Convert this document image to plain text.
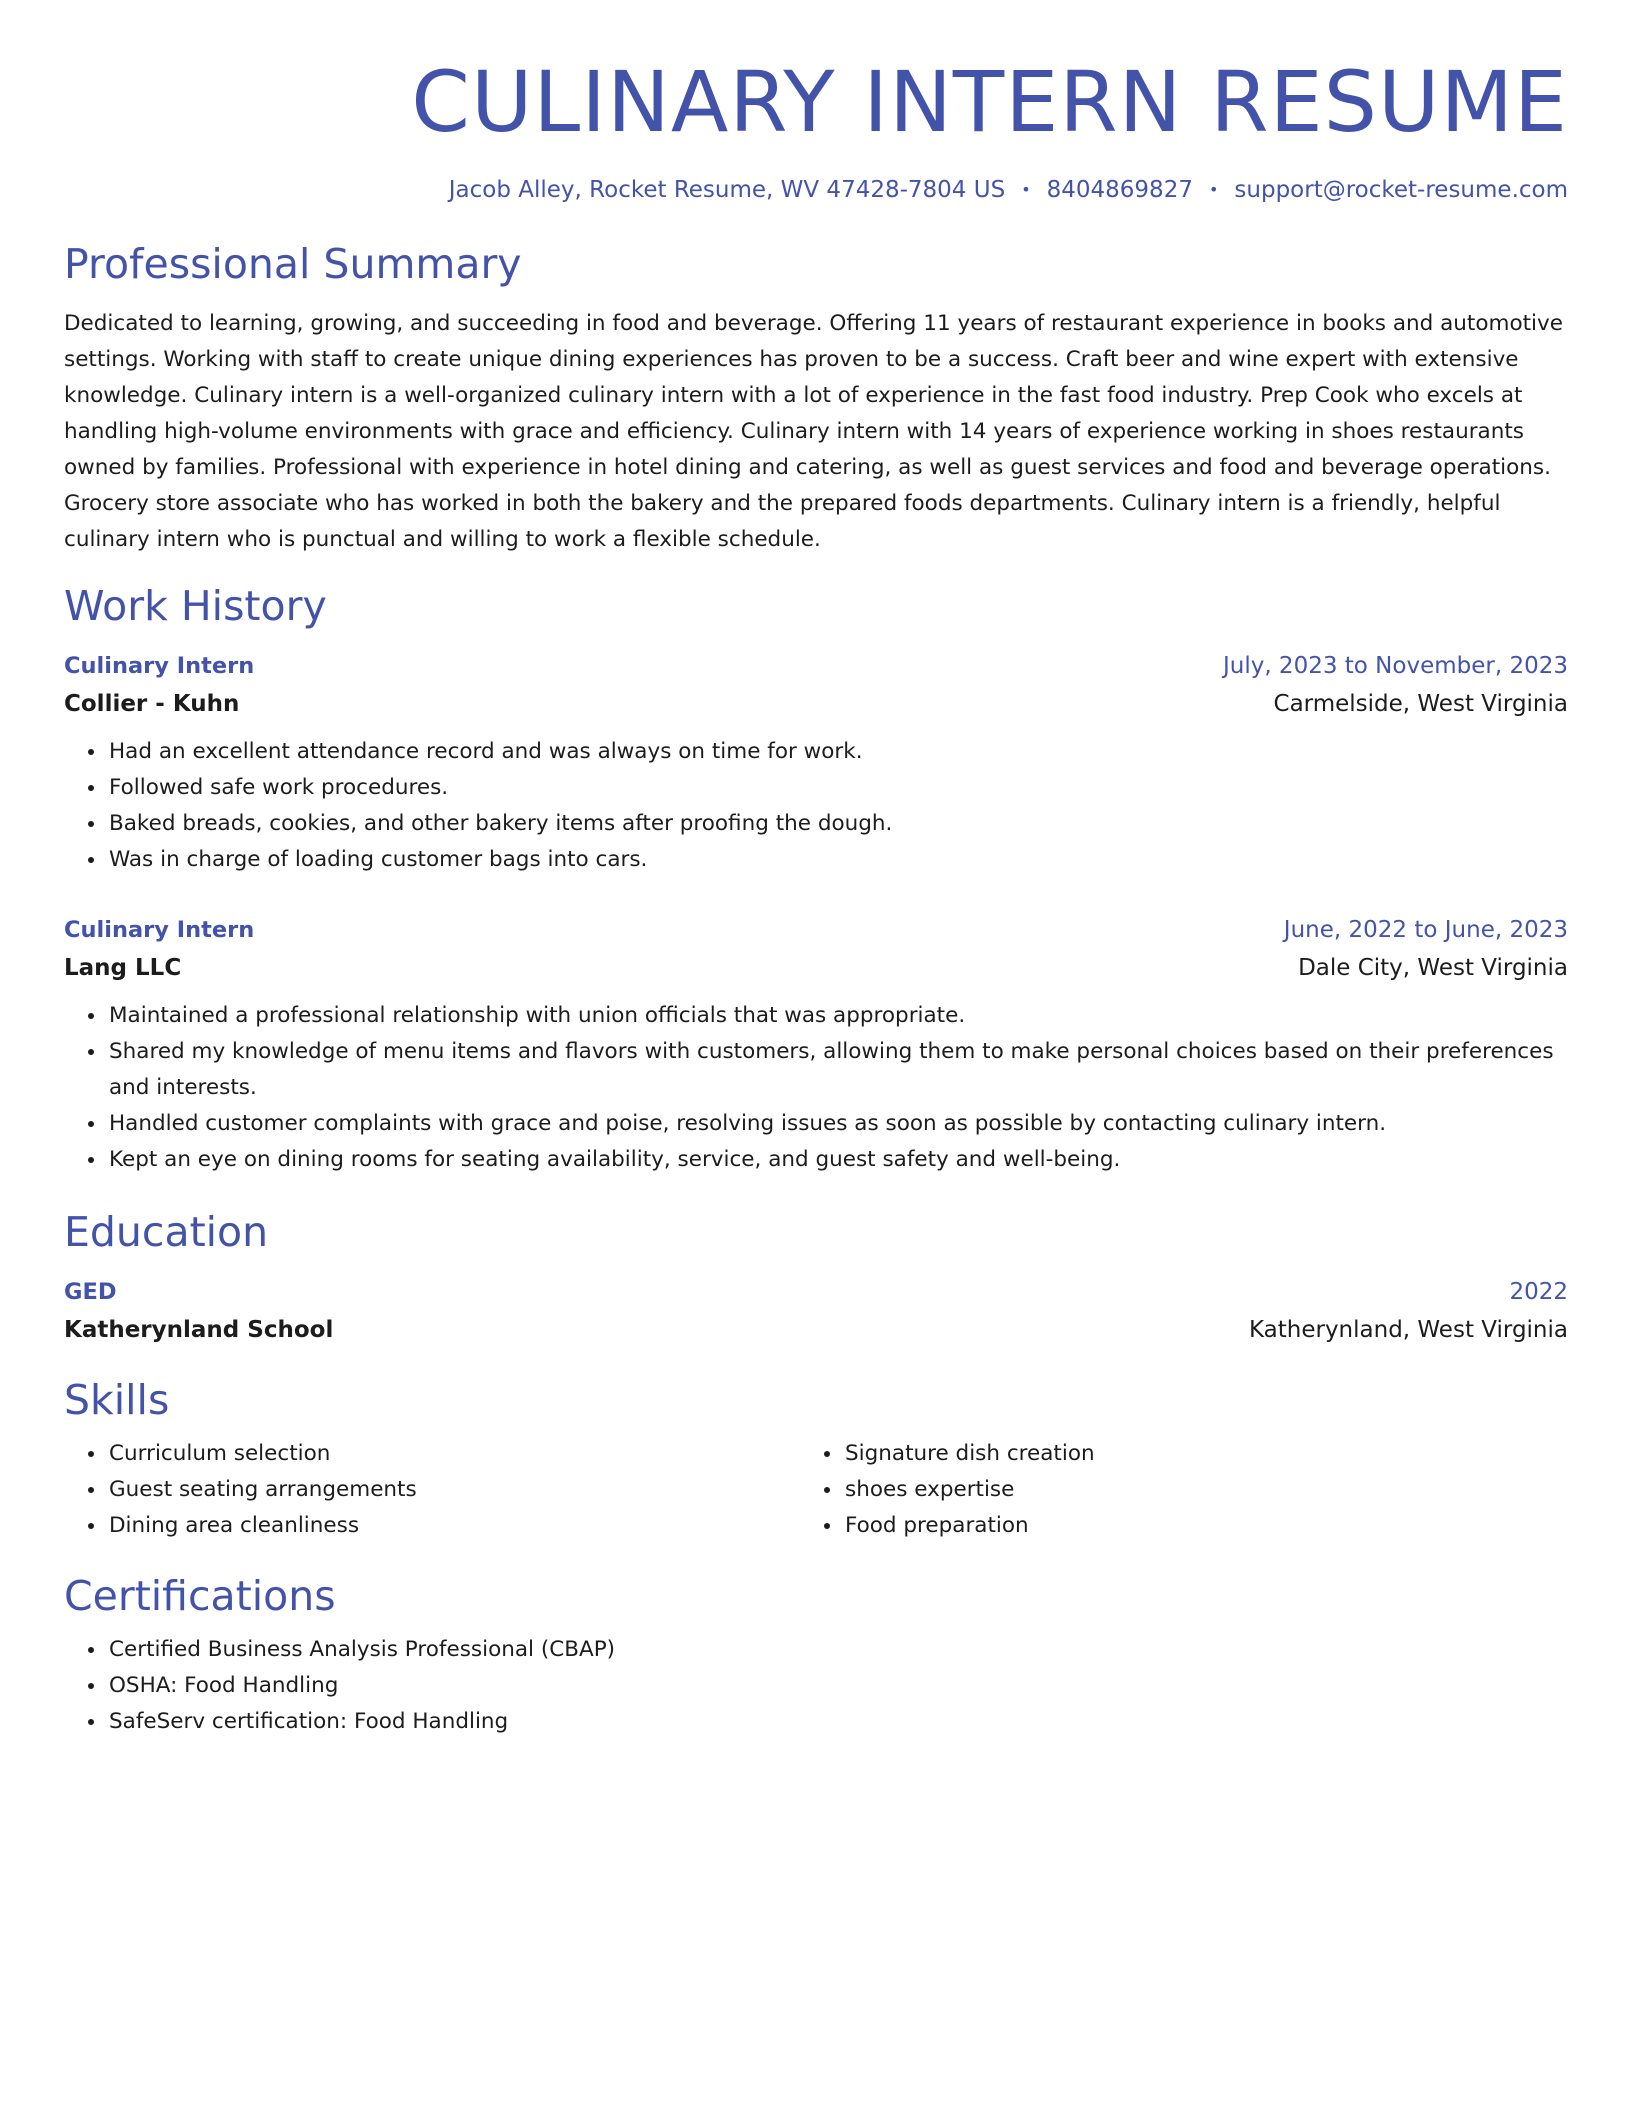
CULINARY INTERN RESUME
Jacob Alley, Rocket Resume, WV 47428-7804 US • 8404869827 • support@rocket-resume.com
Professional Summary

Dedicated to learning, growing, and succeeding in food and beverage. Offering 11 years of restaurant experience in books and automotive settings. Working with staff to create unique dining experiences has proven to be a success. Craft beer and wine expert with extensive knowledge. Culinary intern is a well-organized culinary intern with a lot of experience in the fast food industry. Prep Cook who excels at handling high-volume environments with grace and efficiency. Culinary intern with 14 years of experience working in shoes restaurants owned by families. Professional with experience in hotel dining and catering, as well as guest services and food and beverage operations. Grocery store associate who has worked in both the bakery and the prepared foods departments. Culinary intern is a friendly, helpful culinary intern who is punctual and willing to work a flexible schedule.

Work History
Culinary Intern	July, 2023 to November, 2023
Collier - Kuhn	Carmelside, West Virginia
• Had an excellent attendance record and was always on time for work.
• Followed safe work procedures.
• Baked breads, cookies, and other bakery items after proofing the dough.
• Was in charge of loading customer bags into cars.
Culinary Intern	June, 2022 to June, 2023
Lang LLC	Dale City, West Virginia
• Maintained a professional relationship with union officials that was appropriate.
• Shared my knowledge of menu items and flavors with customers, allowing them to make personal choices based on their preferences and interests.
• Handled customer complaints with grace and poise, resolving issues as soon as possible by contacting culinary intern.
• Kept an eye on dining rooms for seating availability, service, and guest safety and well-being.
Education
GED	2022
Katherynland School	Katherynland, West Virginia
Skills
• Curriculum selection
• Guest seating arrangements
• Dining area cleanliness
• Signature dish creation
• shoes expertise
• Food preparation
Certifications
• Certified Business Analysis Professional (CBAP)
• OSHA: Food Handling
• SafeServ certification: Food Handling
